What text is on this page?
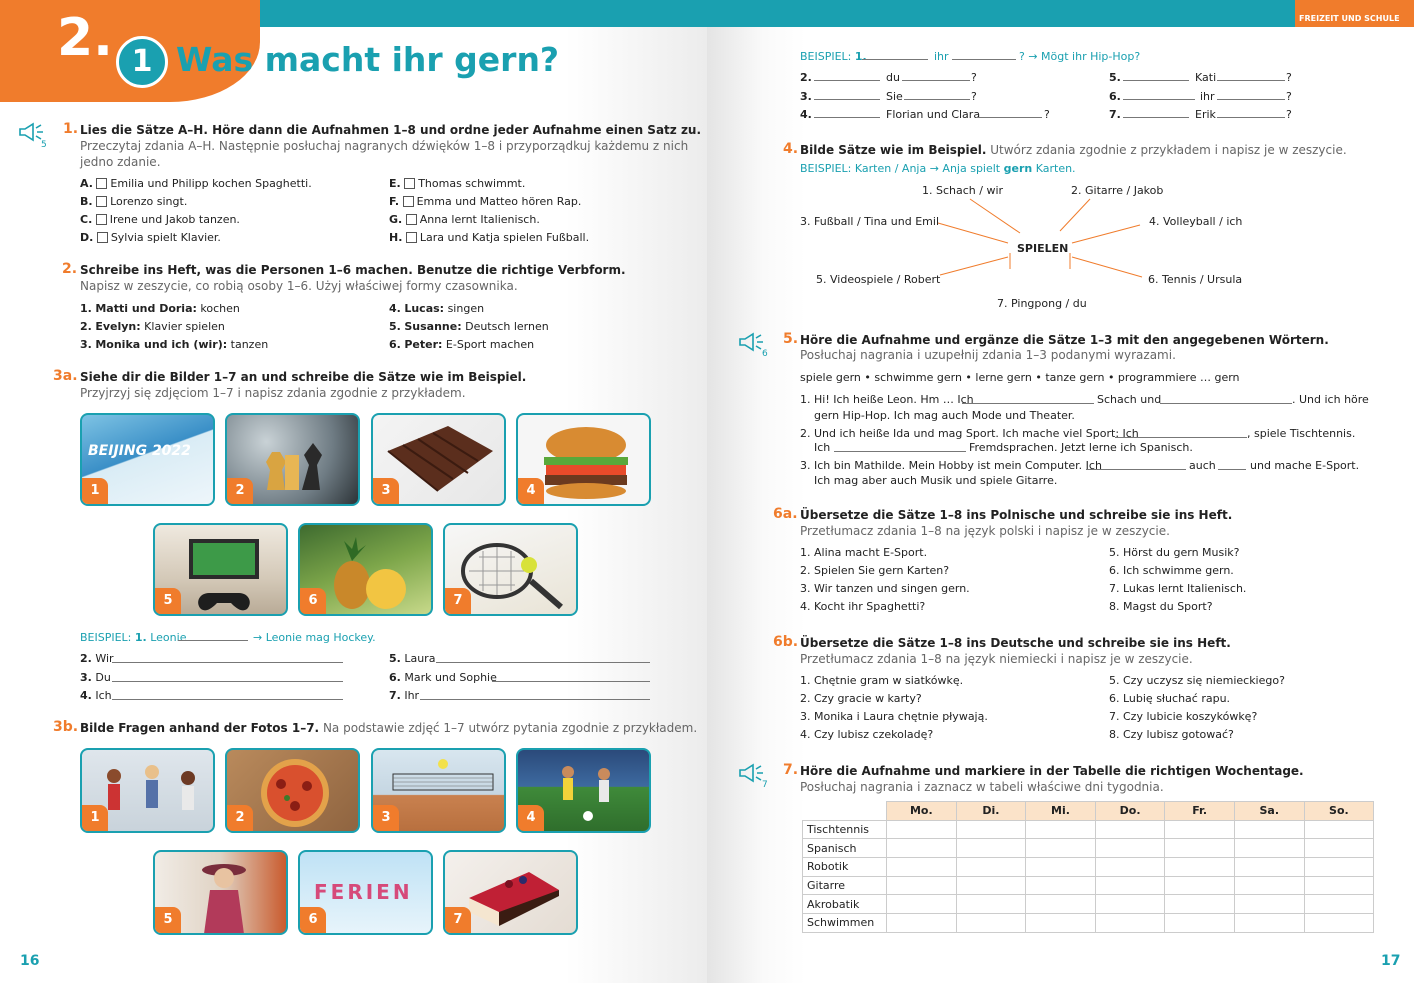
FREIZEIT UND SCHULE
2. 1 Was macht ihr gern?
5
1. Lies die Sätze A–H. Höre dann die Aufnahmen 1–8 und ordne jeder Aufnahme einen Satz zu.
Przeczytaj zdania A–H. Następnie posłuchaj nagranych dźwięków 1–8 i przyporządkuj każdemu z nich
jedno zdanie.
A. Emilia und Philipp kochen Spaghetti.
B. Lorenzo singt.
C. Irene und Jakob tanzen.
D. Sylvia spielt Klavier.
E. Thomas schwimmt.
F. Emma und Matteo hören Rap.
G. Anna lernt Italienisch.
H. Lara und Katja spielen Fußball.
2. Schreibe ins Heft, was die Personen 1–6 machen. Benutze die richtige Verbform.
Napisz w zeszycie, co robią osoby 1–6. Użyj właściwej formy czasownika.
1. Matti und Doria: kochen
2. Evelyn: Klavier spielen
3. Monika und ich (wir): tanzen
4. Lucas: singen
5. Susanne: Deutsch lernen
6. Peter: E-Sport machen
3a. Siehe dir die Bilder 1–7 an und schreibe die Sätze wie im Beispiel.
Przyjrzyj się zdjęciom 1–7 i napisz zdania zgodnie z przykładem.
BEIJING 2022
1	2	3	4
5	6	7
BEISPIEL: 1. Leonie	→ Leonie mag Hockey.
2. Wir
3. Du
4. Ich
5. Laura
6. Mark und Sophie
7. Ihr
3b. Bilde Fragen anhand der Fotos 1–7. Na podstawie zdjęć 1–7 utwórz pytania zgodnie z przykładem.
1	2	3	4
5
FERIEN
6	7
16
BEISPIEL: 1.	ihr	? → Mögt ihr Hip-Hop?
2.	du	?
3.	Sie	?
4.	Florian und Clara	?
5.	Kati	?
6.	ihr	?
7.	Erik	?
4. Bilde Sätze wie im Beispiel. Utwórz zdania zgodnie z przykładem i napisz je w zeszycie.
BEISPIEL: Karten / Anja → Anja spielt gern Karten.
SPIELEN
1. Schach / wir	2. Gitarre / Jakob
3. Fußball / Tina und Emil	4. Volleyball / ich
5. Videospiele / Robert	6. Tennis / Ursula
7. Pingpong / du
6
5. Höre die Aufnahme und ergänze die Sätze 1–3 mit den angegebenen Wörtern.
Posłuchaj nagrania i uzupełnij zdania 1–3 podanymi wyrazami.
spiele gern • schwimme gern • lerne gern • tanze gern • programmiere … gern
1. Hi! Ich heiße Leon. Hm … Ich	Schach und	. Und ich höre
gern Hip-Hop. Ich mag auch Mode und Theater.
2. Und ich heiße Ida und mag Sport. Ich mache viel Sport: Ich	, spiele Tischtennis.
Ich	Fremdsprachen. Jetzt lerne ich Spanisch.
3. Ich bin Mathilde. Mein Hobby ist mein Computer. Ich	auch	und mache E-Sport.
Ich mag aber auch Musik und spiele Gitarre.
6a. Übersetze die Sätze 1–8 ins Polnische und schreibe sie ins Heft.
Przetłumacz zdania 1–8 na język polski i napisz je w zeszycie.
1. Alina macht E-Sport.
2. Spielen Sie gern Karten?
3. Wir tanzen und singen gern.
4. Kocht ihr Spaghetti?
5. Hörst du gern Musik?
6. Ich schwimme gern.
7. Lukas lernt Italienisch.
8. Magst du Sport?
6b. Übersetze die Sätze 1–8 ins Deutsche und schreibe sie ins Heft.
Przetłumacz zdania 1–8 na język niemiecki i napisz je w zeszycie.
1. Chętnie gram w siatkówkę.
2. Czy gracie w karty?
3. Monika i Laura chętnie pływają.
4. Czy lubisz czekoladę?
5. Czy uczysz się niemieckiego?
6. Lubię słuchać rapu.
7. Czy lubicie koszykówkę?
8. Czy lubisz gotować?
7
7. Höre die Aufnahme und markiere in der Tabelle die richtigen Wochentage.
Posłuchaj nagrania i zaznacz w tabeli właściwe dni tygodnia.
	Mo.	Di.	Mi.	Do.	Fr.	Sa.	So.
Tischtennis							
Spanisch							
Robotik							
Gitarre							
Akrobatik							
Schwimmen							
17
